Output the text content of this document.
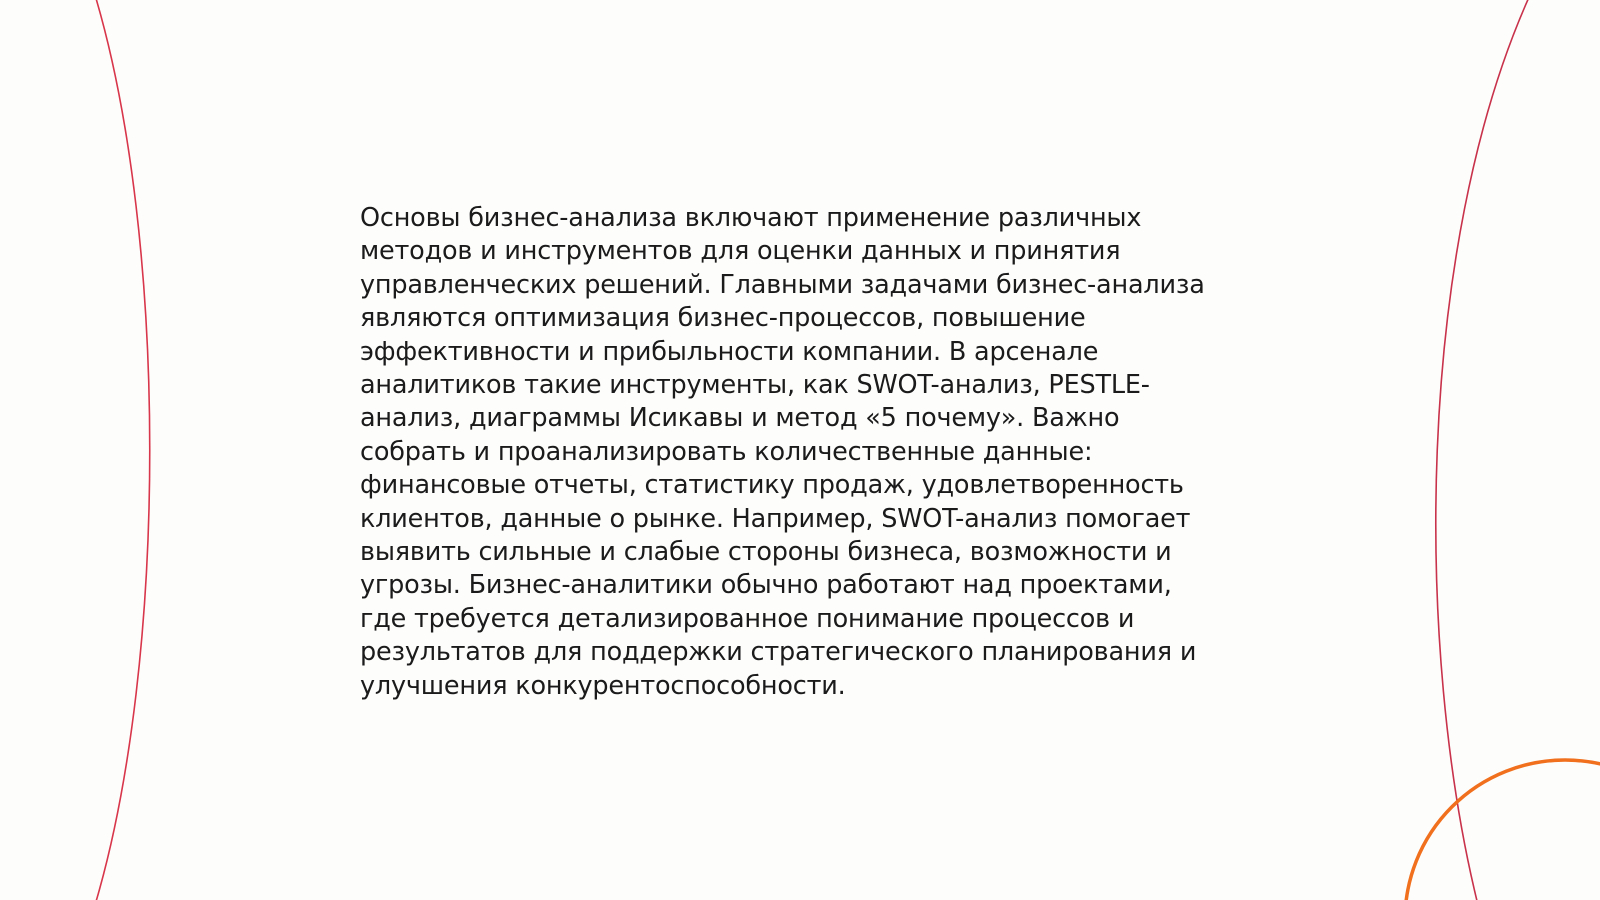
Основы бизнес-анализа включают применение различных
методов и инструментов для оценки данных и принятия
управленческих решений. Главными задачами бизнес-анализа
являются оптимизация бизнес-процессов, повышение
эффективности и прибыльности компании. В арсенале
аналитиков такие инструменты, как SWOT-анализ, PESTLE-
анализ, диаграммы Исикавы и метод «5 почему». Важно
собрать и проанализировать количественные данные:
финансовые отчеты, статистику продаж, удовлетворенность
клиентов, данные о рынке. Например, SWOT-анализ помогает
выявить сильные и слабые стороны бизнеса, возможности и
угрозы. Бизнес-аналитики обычно работают над проектами,
где требуется детализированное понимание процессов и
результатов для поддержки стратегического планирования и
улучшения конкурентоспособности.
